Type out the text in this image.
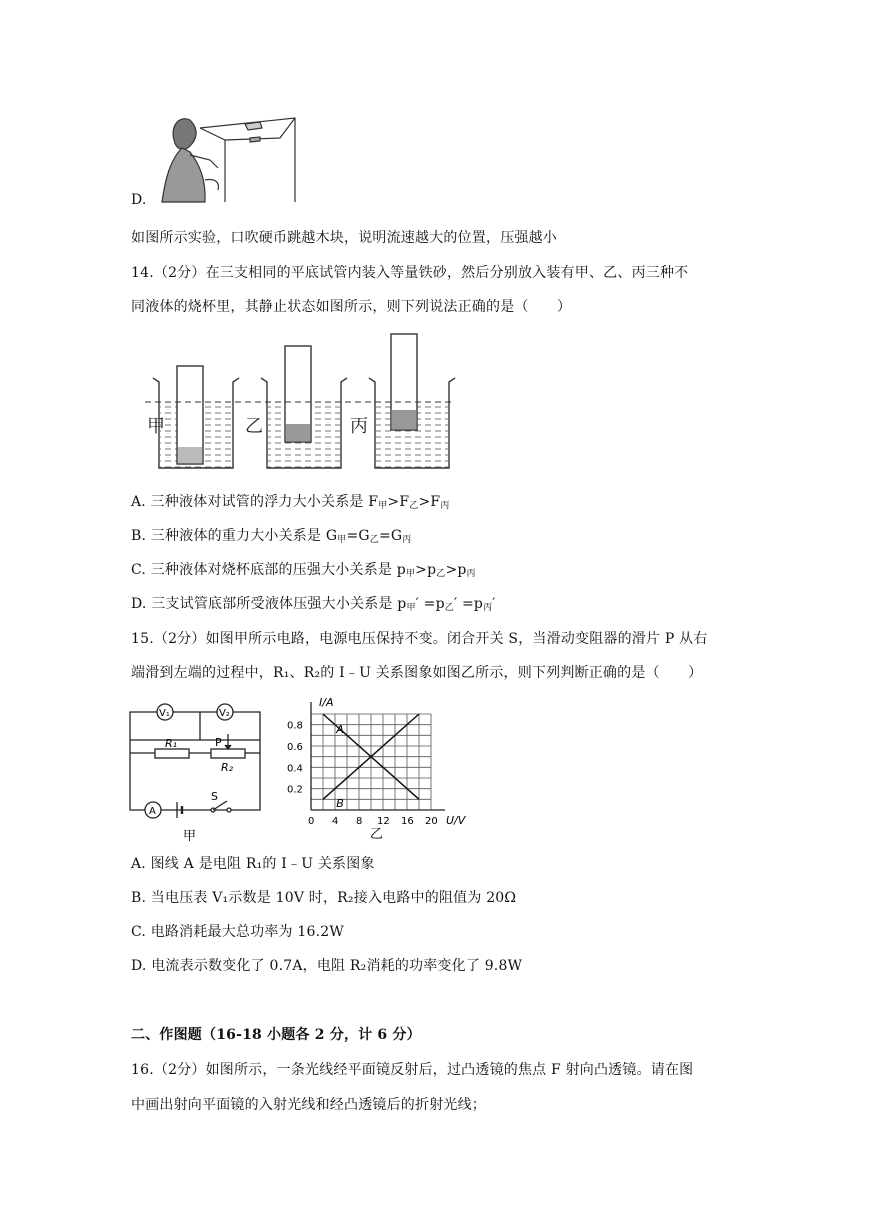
D.
如图所示实验，口吹硬币跳越木块，说明流速越大的位置，压强越小
14.（2分）在三支相同的平底试管内装入等量铁砂，然后分别放入装有甲、乙、丙三种不
同液体的烧杯里，其静止状态如图所示，则下列说法正确的是（　　）
甲	乙	丙
A. 三种液体对试管的浮力大小关系是 F甲>F乙>F丙
B. 三种液体的重力大小关系是 G甲=G乙=G丙
C. 三种液体对烧杯底部的压强大小关系是 p甲>p乙>p丙
D. 三支试管底部所受液体压强大小关系是 p甲′ =p乙′ =p丙′
15.（2分）如图甲所示电路，电源电压保持不变。闭合开关 S，当滑动变阻器的滑片 P 从右
端滑到左端的过程中，R₁、R₂的 I﹣U 关系图象如图乙所示，则下列判断正确的是（　　）
V₁	V₂
A
R₁
R₂
P
S
甲
A
B
I/A
U/V
乙
0.8
0.6
0.4
0.2
0 4 8 12 16 20
A. 图线 A 是电阻 R₁的 I﹣U 关系图象
B. 当电压表 V₁示数是 10V 时，R₂接入电路中的阻值为 20Ω
C. 电路消耗最大总功率为 16.2W
D. 电流表示数变化了 0.7A，电阻 R₂消耗的功率变化了 9.8W
二、作图题（16-18 小题各 2 分，计 6 分）
16.（2分）如图所示，一条光线经平面镜反射后，过凸透镜的焦点 F 射向凸透镜。请在图
中画出射向平面镜的入射光线和经凸透镜后的折射光线；
